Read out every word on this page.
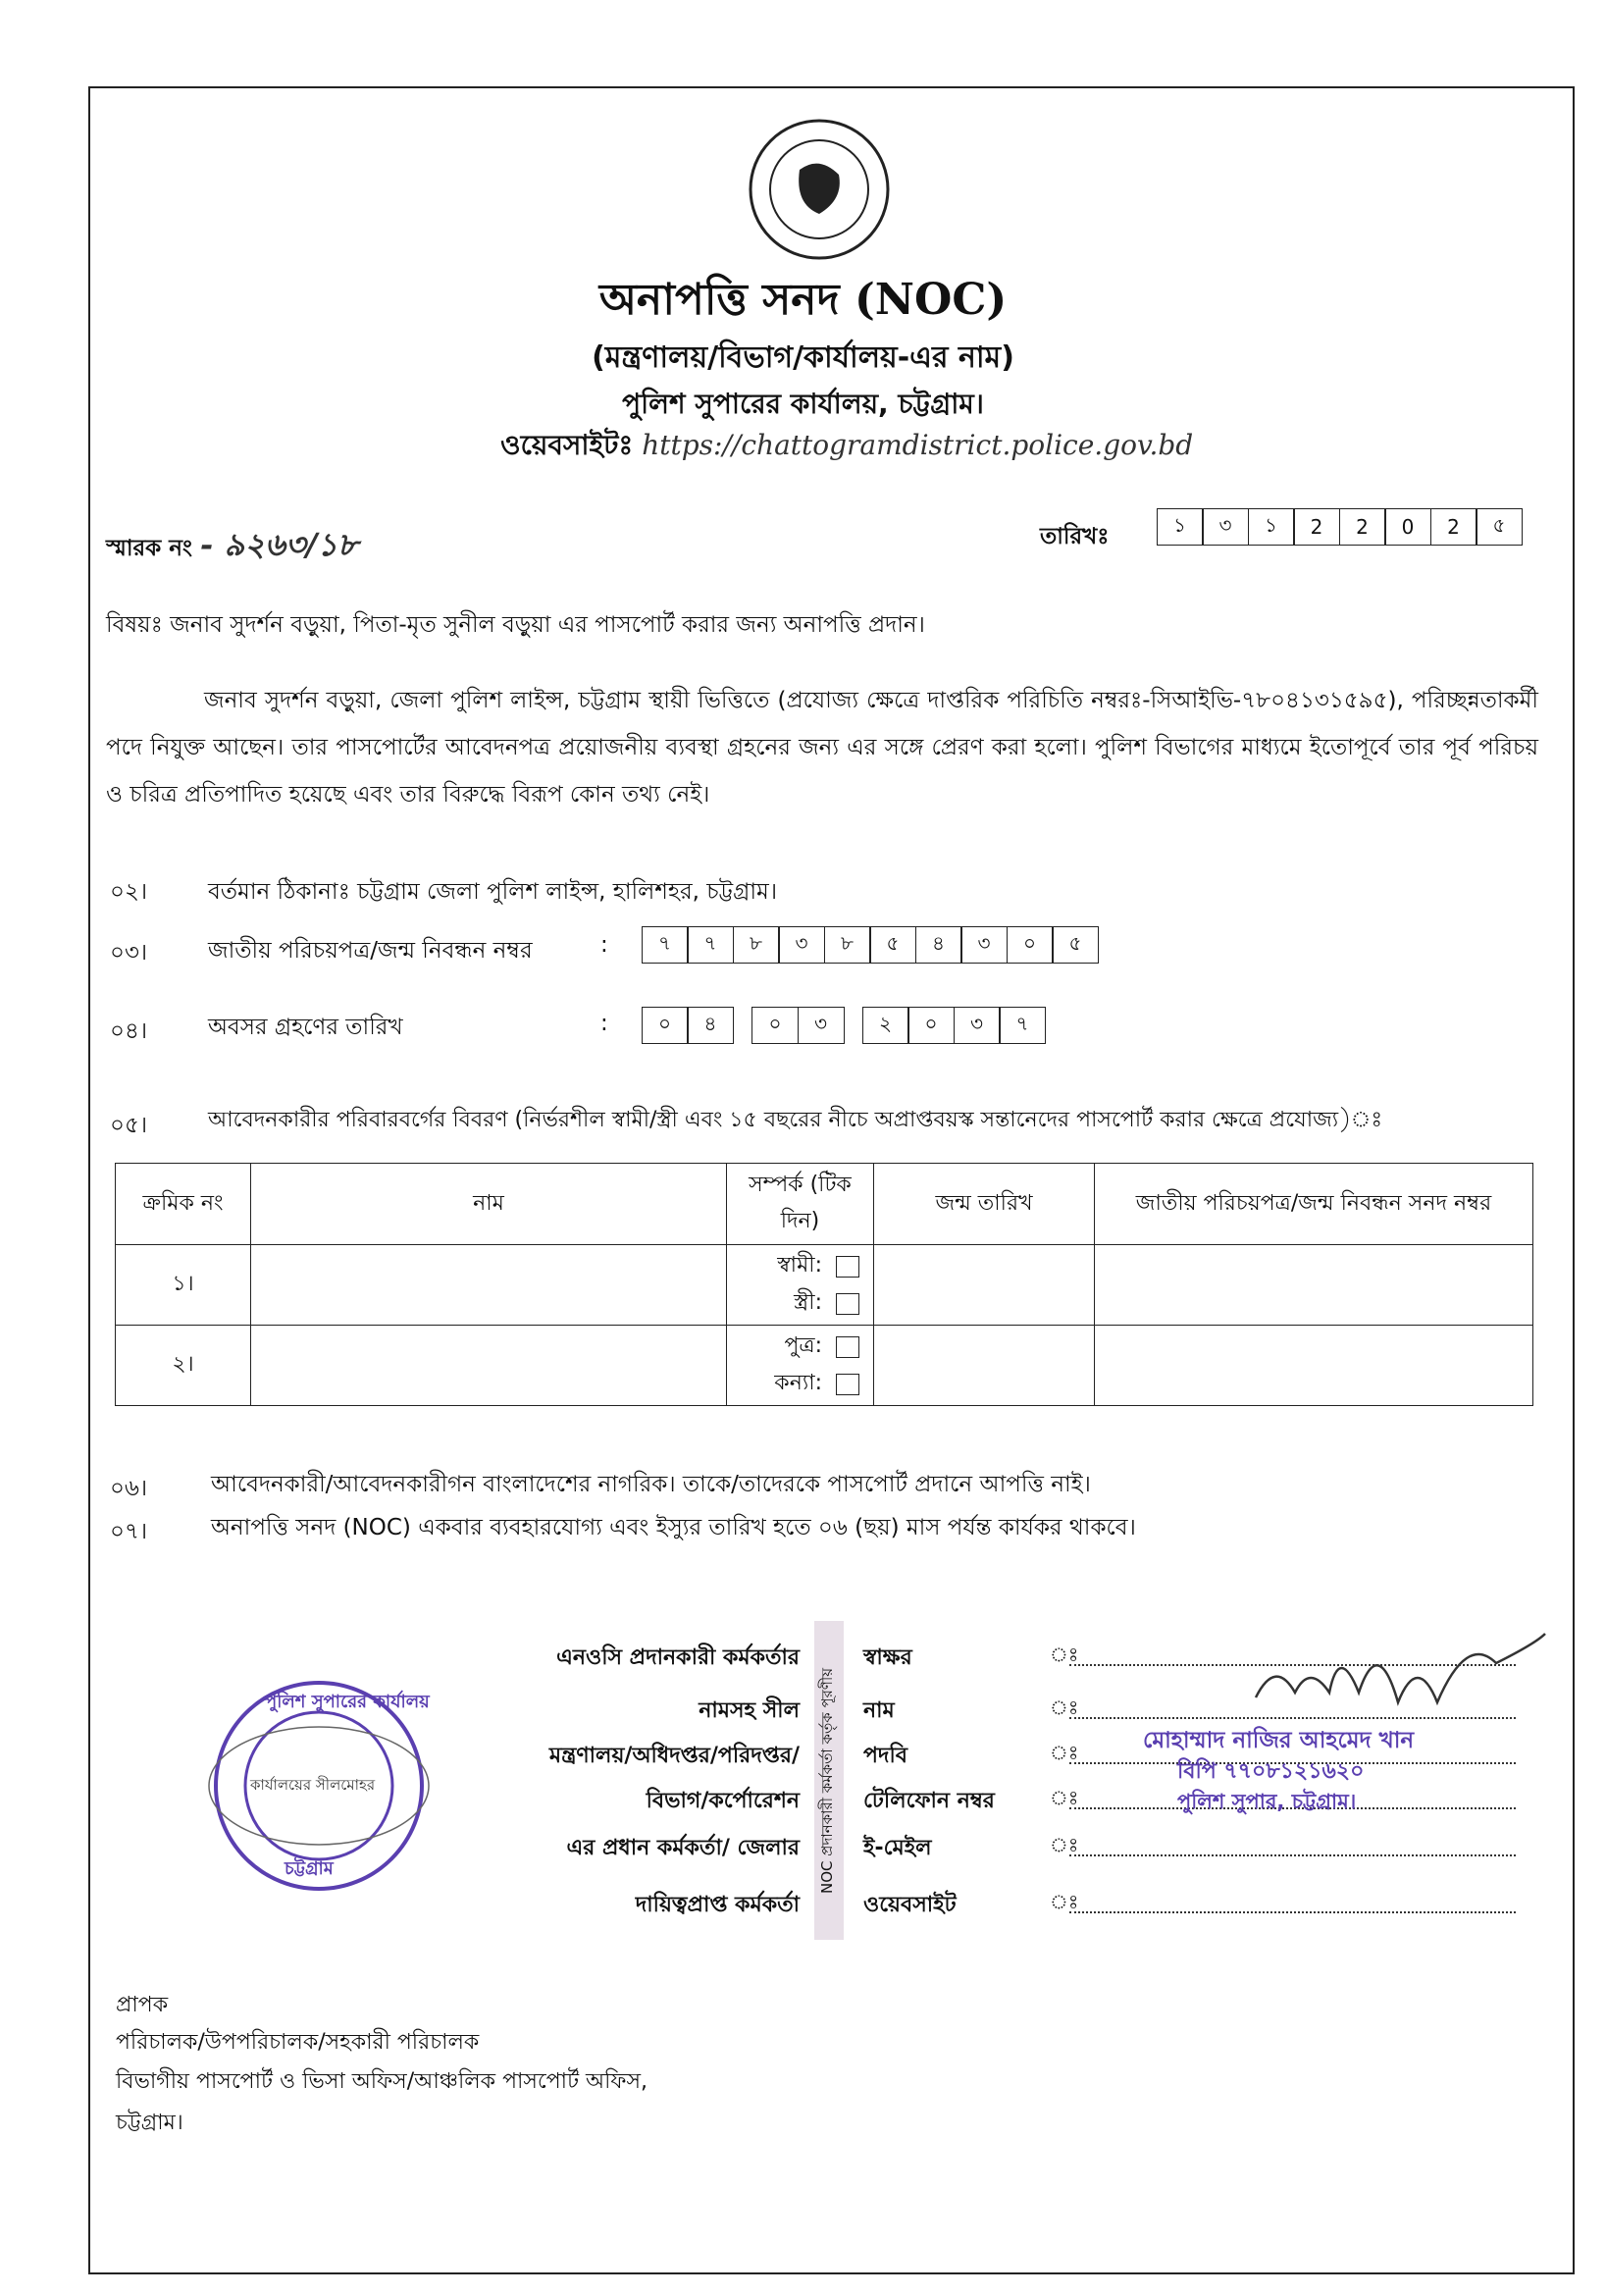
অনাপত্তি সনদ (NOC)
(মন্ত্রণালয়/বিভাগ/কার্যালয়-এর নাম)
পুলিশ সুপারের কার্যালয়, চট্টগ্রাম।
ওয়েবসাইটঃ https://chattogramdistrict.police.gov.bd
স্মারক নং - ৯২৬৩/১৮	তারিখঃ	১	৩	১	2	2	0	2	৫
বিষয়ঃ জনাব সুদর্শন বড়ুয়া, পিতা-মৃত সুনীল বড়ুয়া এর পাসপোর্ট করার জন্য অনাপত্তি প্রদান।
জনাব সুদর্শন বড়ুয়া, জেলা পুলিশ লাইন্স, চট্টগ্রাম স্থায়ী ভিত্তিতে (প্রযোজ্য ক্ষেত্রে দাপ্তরিক পরিচিতি নম্বরঃ-সিআইভি-৭৮০৪১৩১৫৯৫), পরিচ্ছন্নতাকর্মী পদে নিযুক্ত আছেন। তার পাসপোর্টের আবেদনপত্র প্রয়োজনীয় ব্যবস্থা গ্রহনের জন্য এর সঙ্গে প্রেরণ করা হলো। পুলিশ বিভাগের মাধ্যমে ইতোপূর্বে তার পূর্ব পরিচয় ও চরিত্র প্রতিপাদিত হয়েছে এবং তার বিরুদ্ধে বিরূপ কোন তথ্য নেই।
০২।	বর্তমান ঠিকানাঃ চট্টগ্রাম জেলা পুলিশ লাইন্স, হালিশহর, চট্টগ্রাম।
০৩।	জাতীয় পরিচয়পত্র/জন্ম নিবন্ধন নম্বর	:	৭	৭	৮	৩	৮	৫	৪	৩	০	৫
০৪।	অবসর গ্রহণের তারিখ	:	০	৪	০	৩	২	০	৩	৭
০৫।	আবেদনকারীর পরিবারবর্গের বিবরণ (নির্ভরশীল স্বামী/স্ত্রী এবং ১৫ বছরের নীচে অপ্রাপ্তবয়স্ক সন্তানেদের পাসপোর্ট করার ক্ষেত্রে প্রযোজ্য)ঃ
ক্রমিক নং	নাম	সম্পর্ক (টিক দিন)	জন্ম তারিখ	জাতীয় পরিচয়পত্র/জন্ম নিবন্ধন সনদ নম্বর
১।		স্বামী:
স্ত্রী:		

২।		পুত্র:
কন্যা:		

০৬।	আবেদনকারী/আবেদনকারীগন বাংলাদেশের নাগরিক। তাকে/তাদেরকে পাসপোর্ট প্রদানে আপত্তি নাই।
০৭।	অনাপত্তি সনদ (NOC) একবার ব্যবহারযোগ্য এবং ইস্যুর তারিখ হতে ০৬ (ছয়) মাস পর্যন্ত কার্যকর থাকবে।
কার্যালয়ের সীলমোহর
পুলিশ সুপারের কার্যালয়
চট্টগ্রাম
এনওসি প্রদানকারী কর্মকর্তার
নামসহ সীল
মন্ত্রণালয়/অধিদপ্তর/পরিদপ্তর/
বিভাগ/কর্পোরেশন
এর প্রধান কর্মকর্তা/ জেলার
দায়িত্বপ্রাপ্ত কর্মকর্তা
NOC প্রদানকারী কর্মকর্তা কর্তৃক পূরণীয়
স্বাক্ষর	ঃ
নাম	ঃ
পদবি	ঃ
টেলিফোন নম্বর	ঃ
ই-মেইল	ঃ
ওয়েবসাইট	ঃ
মোহাম্মাদ নাজির আহমেদ খান
বিপি ৭৭০৮১২১৬২০
পুলিশ সুপার, চট্টগ্রাম।
প্রাপক
পরিচালক/উপপরিচালক/সহকারী পরিচালক
বিভাগীয় পাসপোর্ট ও ভিসা অফিস/আঞ্চলিক পাসপোর্ট অফিস,
চট্টগ্রাম।
